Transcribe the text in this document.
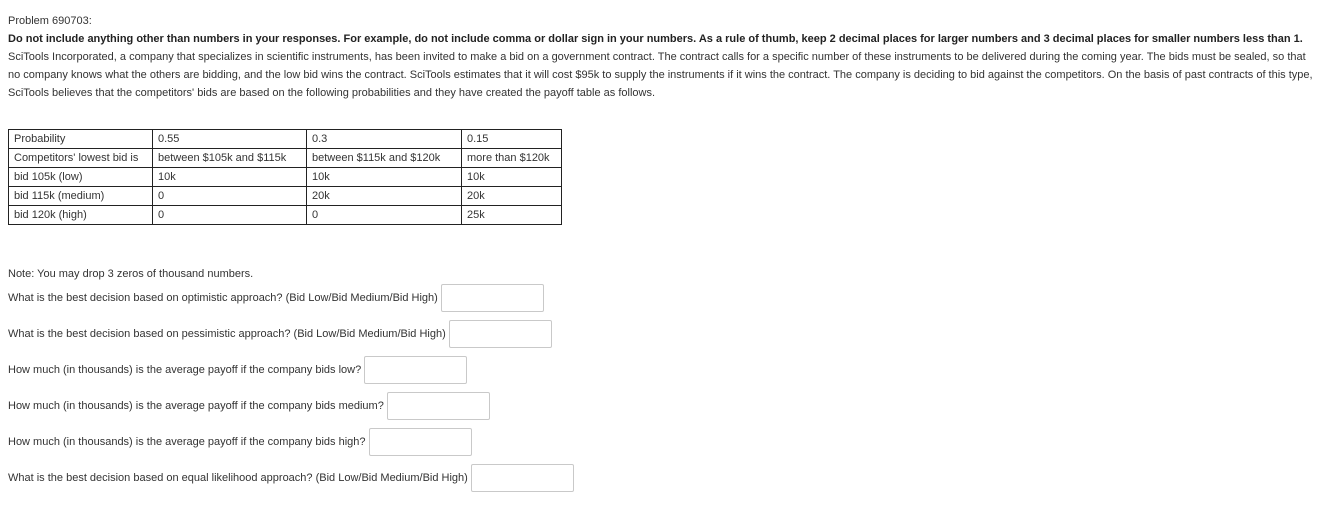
Problem 690703:
Do not include anything other than numbers in your responses. For example, do not include comma or dollar sign in your numbers. As a rule of thumb, keep 2 decimal places for larger numbers and 3 decimal places for smaller numbers less than 1.
SciTools Incorporated, a company that specializes in scientific instruments, has been invited to make a bid on a government contract. The contract calls for a specific number of these instruments to be delivered during the coming year. The bids must be sealed, so that no company knows what the others are bidding, and the low bid wins the contract. SciTools estimates that it will cost $95k to supply the instruments if it wins the contract. The company is deciding to bid against the competitors. On the basis of past contracts of this type, SciTools believes that the competitors' bids are based on the following probabilities and they have created the payoff table as follows.
Probability	0.55	0.3	0.15
Competitors' lowest bid is	between $105k and $115k	between $115k and $120k	more than $120k
bid 105k (low)	10k	10k	10k
bid 115k (medium)	0	20k	20k
bid 120k (high)	0	0	25k
Note: You may drop 3 zeros of thousand numbers.
What is the best decision based on optimistic approach? (Bid Low/Bid Medium/Bid High)
What is the best decision based on pessimistic approach? (Bid Low/Bid Medium/Bid High)
How much (in thousands) is the average payoff if the company bids low?
How much (in thousands) is the average payoff if the company bids medium?
How much (in thousands) is the average payoff if the company bids high?
What is the best decision based on equal likelihood approach? (Bid Low/Bid Medium/Bid High)
